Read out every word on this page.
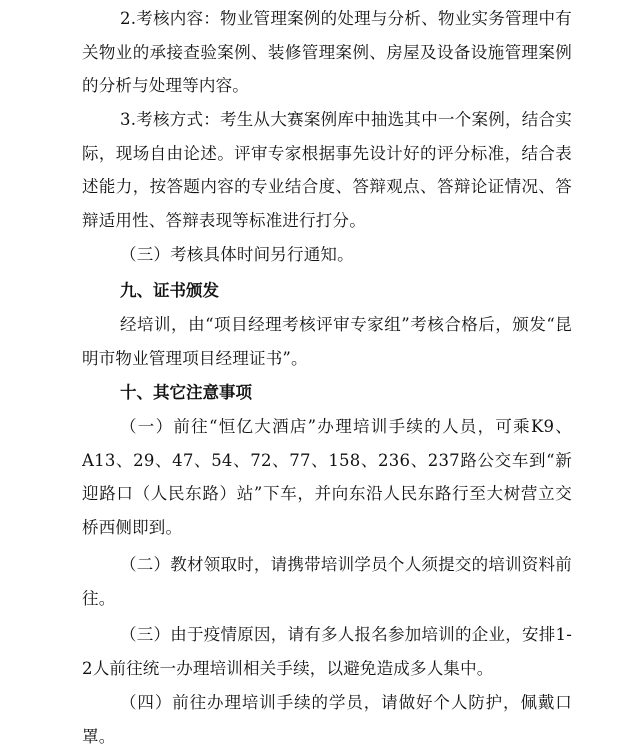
2.考核内容：物业管理案例的处理与分析、物业实务管理中有关物业的承接查验案例、装修管理案例、房屋及设备设施管理案例的分析与处理等内容。

3.考核方式：考生从大赛案例库中抽选其中一个案例，结合实际，现场自由论述。评审专家根据事先设计好的评分标准，结合表述能力，按答题内容的专业结合度、答辩观点、答辩论证情况、答辩适用性、答辩表现等标准进行打分。

（三）考核具体时间另行通知。

九、证书颁发

经培训，由“项目经理考核评审专家组”考核合格后，颁发“昆明市物业管理项目经理证书”。

十、其它注意事项

（一）前往“恒亿大酒店”办理培训手续的人员，可乘K9、A13、29、47、54、72、77、158、236、237路公交车到“新迎路口（人民东路）站”下车，并向东沿人民东路行至大树营立交桥西侧即到。

（二）教材领取时，请携带培训学员个人须提交的培训资料前往。

（三）由于疫情原因，请有多人报名参加培训的企业，安排1-2人前往统一办理培训相关手续，以避免造成多人集中。

（四）前往办理培训手续的学员，请做好个人防护，佩戴口罩。
